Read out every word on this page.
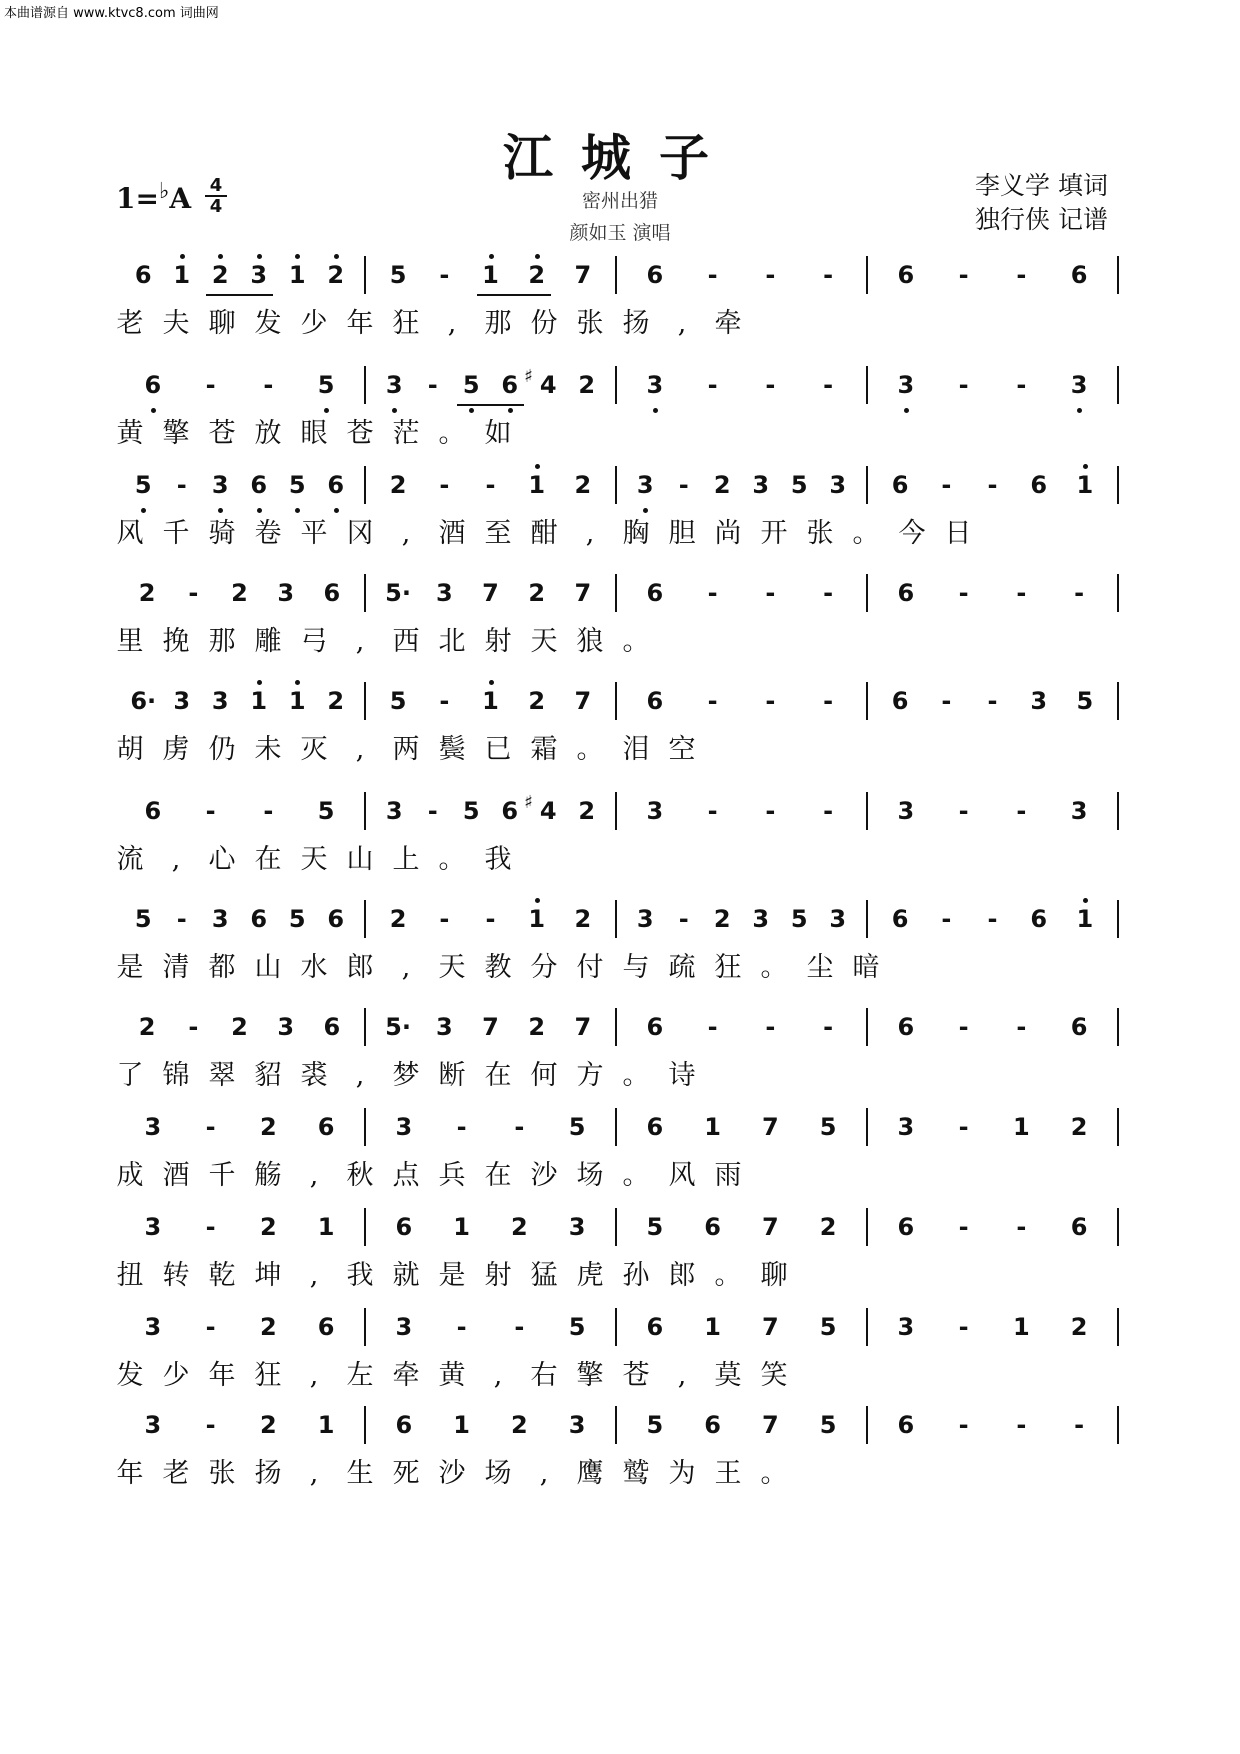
本曲谱源自 www.ktvc8.com 词曲网
江城子
密州出猎
颜如玉 演唱
李义学 填词
独行侠 记谱
1=♭A 4
4
6 1 2 3 1 2	5	-	1	2	7	6	-	-	-	6	-	-	6
老 夫 聊 发 少 年 狂	,	那 份 张 扬	,	牵
6	-	-	5	3	-	5 6 4
♯	2	3	-	-	-	3	-	-	3
黄 擎 苍 放 眼 苍 茫 。 如
5	-	3 6 5 6	2	-	-	1	2	3	-	2 3 5 3	6	-	-	6	1
风 千 骑 卷 平 冈	,	酒 至 酣	,	胸 胆 尚 开 张 。 今 日
2	-	2	3	6	5·	3	7	2	7	6	-	-	-	6	-	-	-
里 挽 那 雕 弓	,	西 北 射 天 狼 。
6· 3 3 1 1 2	5	-	1	2	7	6	-	-	-	6	-	-	3	5
胡 虏 仍 未 灭	,	两 鬓 已 霜 。 泪 空
6	-	-	5	3	-	5 6 4
♯	2	3	-	-	-	3	-	-	3
流	,	心 在 天 山 上 。 我
5	-	3 6 5 6	2	-	-	1	2	3	-	2 3 5 3	6	-	-	6	1
是 清 都 山 水 郎	,	天 教 分 付 与 疏 狂 。 尘 暗
2	-	2	3	6	5·	3	7	2	7	6	-	-	-	6	-	-	6
了 锦 翠 貂 裘	,	梦 断 在 何 方 。 诗
3	-	2	6	3	-	-	5	6	1	7	5	3	-	1	2
成 酒 千 觞	,	秋 点 兵 在 沙 场 。 风 雨
3	-	2	1	6	1	2	3	5	6	7	2	6	-	-	6
扭 转 乾 坤	,	我 就 是 射 猛 虎 孙 郎 。 聊
3	-	2	6	3	-	-	5	6	1	7	5	3	-	1	2
发 少 年 狂	,	左 牵 黄	,	右 擎 苍	,	莫 笑
3	-	2	1	6	1	2	3	5	6	7	5	6	-	-	-
年 老 张 扬	,	生 死 沙 场	,	鹰 鹫 为 王 。
